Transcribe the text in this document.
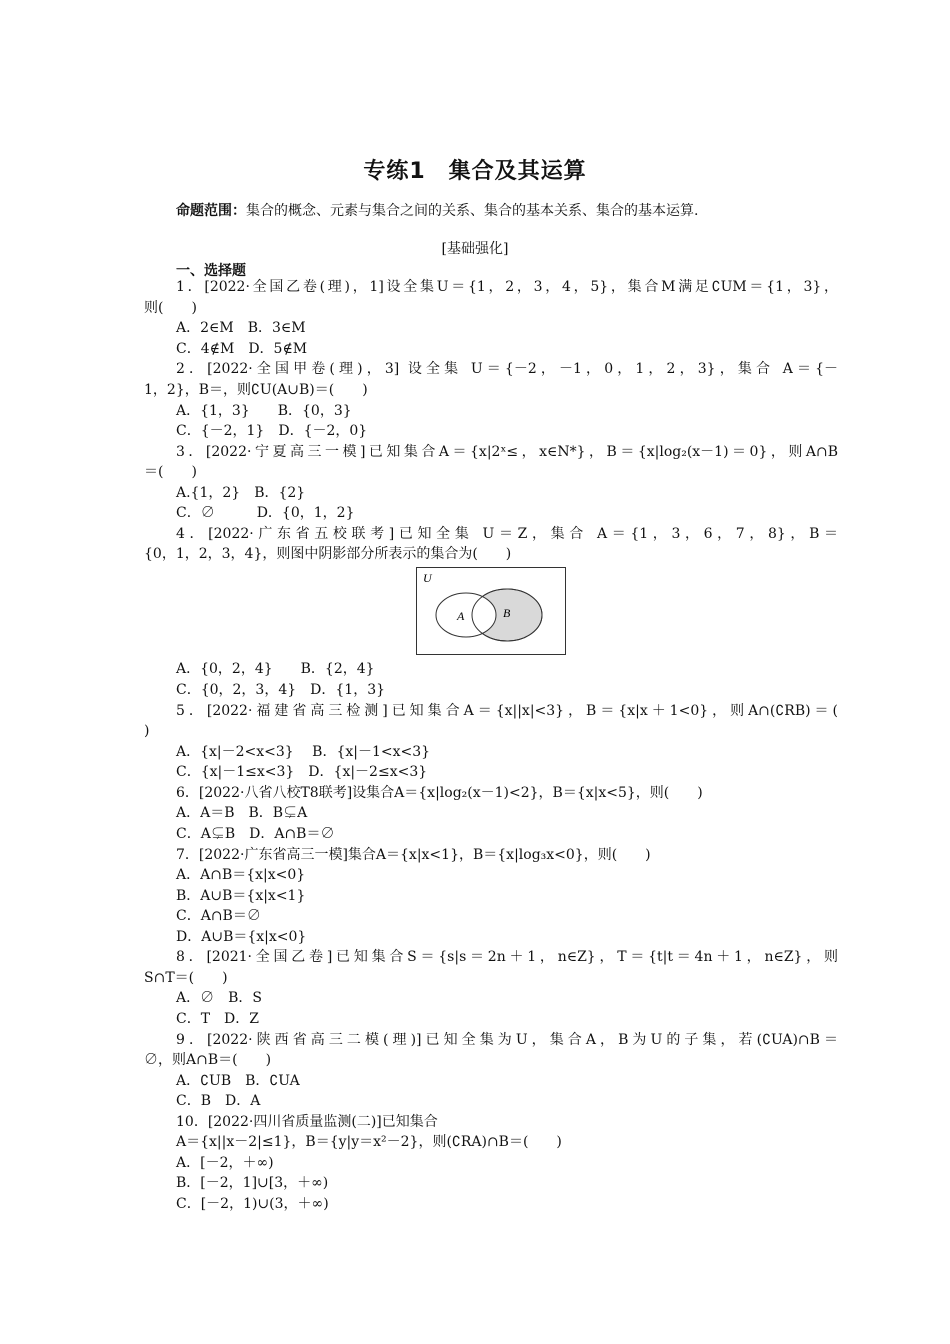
专练1　集合及其运算
命题范围：集合的概念、元素与集合之间的关系、集合的基本关系、集合的基本运算.
[基础强化]
一、选择题
1．[2022·全国乙卷(理)，1]设全集U＝{1，2，3，4，5}，集合M满足∁UM＝{1，3}，
则(　　)
A．2∈M　B．3∈M
C．4∉M　D．5∉M
2．[2022·全国甲卷(理)，3] 设全集 U＝{－2，－1，0，1，2，3}，集合 A＝{－
1，2}，B＝，则∁U(A∪B)＝(　　)
A．{1，3}　　B．{0，3}
C．{－2，1}　D．{－2，0}
3．[2022·宁夏高三一模]已知集合A＝{x|2ˣ≤，x∈N*}，B＝{x|log₂(x－1)＝0}，则A∩B
＝(　　)
A.{1，2}　B．{2}
C．∅　　　D．{0，1，2}
4．[2022·广东省五校联考]已知全集 U＝Z，集合 A＝{1，3，6，7，8}，B＝
{0，1，2，3，4}，则图中阴影部分所表示的集合为(　　)
U
A	B
A．{0，2，4}　　B．{2，4}
C．{0，2，3，4}　D．{1，3}
5．[2022·福建省高三检测]已知集合A＝{x||x|<3}，B＝{x|x＋1<0}，则A∩(∁RB)＝(
)
A．{x|－2<x<3}　 B．{x|－1<x<3}
C．{x|－1≤x<3}　D．{x|－2≤x<3}
6．[2022·八省八校T8联考]设集合A＝{x|log₂(x－1)<2}，B＝{x|x<5}，则(　　)
A．A＝B　B．B⊊A
C．A⊊B　D．A∩B＝∅
7．[2022·广东省高三一模]集合A＝{x|x<1}，B＝{x|log₃x<0}，则(　　)
A．A∩B＝{x|x<0}
B．A∪B＝{x|x<1}
C．A∩B＝∅
D．A∪B＝{x|x<0}
8．[2021·全国乙卷]已知集合S＝{s|s＝2n＋1，n∈Z}，T＝{t|t＝4n＋1，n∈Z}，则
S∩T＝(　　)
A．∅　B．S
C．T　D．Z
9．[2022·陕西省高三二模(理)]已知全集为U，集合A，B为U的子集，若(∁UA)∩B＝
∅，则A∩B＝(　　)
A．∁UB　B．∁UA
C．B　D．A
10．[2022·四川省质量监测(二)]已知集合
A＝{x||x－2|≤1}，B＝{y|y＝x²－2}，则(∁RA)∩B＝(　　)
A．[－2，＋∞)
B．[－2，1]∪[3，＋∞)
C．[－2，1)∪(3，＋∞)
